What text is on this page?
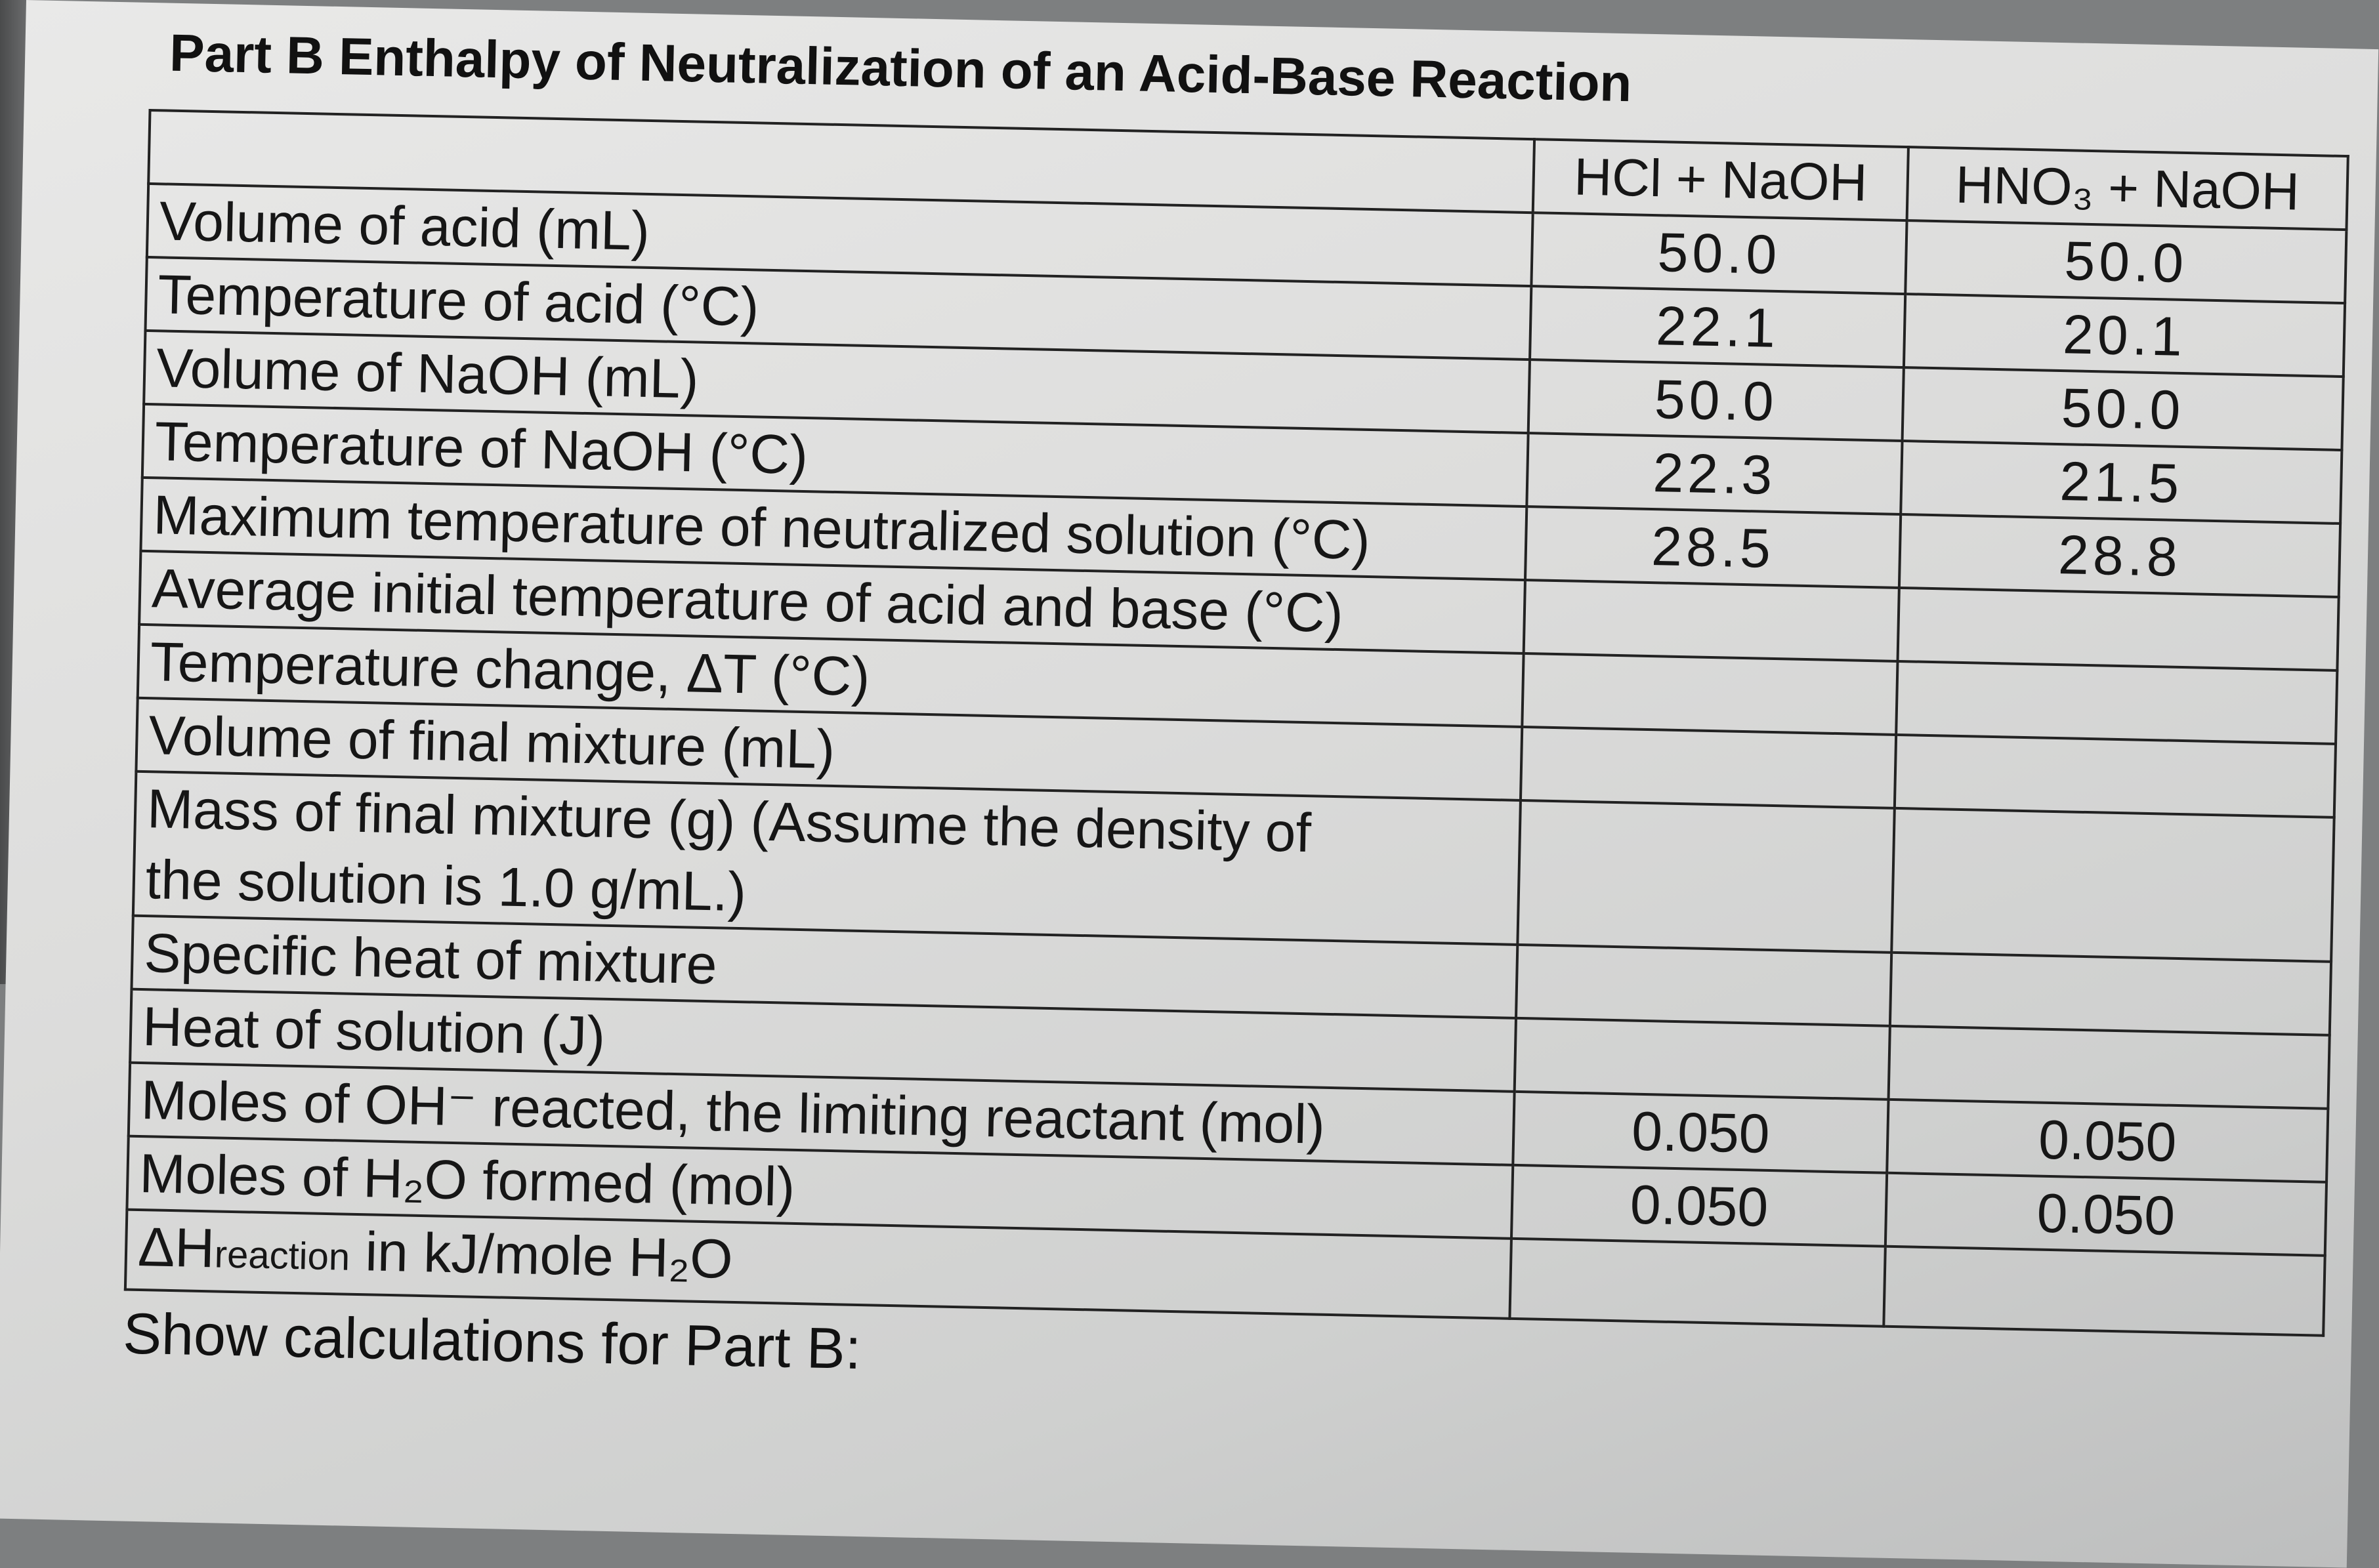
Part B Enthalpy of Neutralization of an Acid-Base Reaction
	HCl + NaOH	HNO₃ + NaOH
Volume of acid (mL)	50.0	50.0
Temperature of acid (°C)	22.1	20.1
Volume of NaOH (mL)	50.0	50.0
Temperature of NaOH (°C)	22.3	21.5
Maximum temperature of neutralized solution (°C)	28.5	28.8
Average initial temperature of acid and base (°C)		
Temperature change, ΔT (°C)		
Volume of final mixture (mL)		

Mass of final mixture (g) (Assume the density of
the solution is 1.0 g/mL.)		

Specific heat of mixture		
Heat of solution (J)		
Moles of OH⁻ reacted, the limiting reactant (mol)	0.050	0.050
Moles of H₂O formed (mol)	0.050	0.050
ΔHreaction in kJ/mole H₂O		
Show calculations for Part B:
